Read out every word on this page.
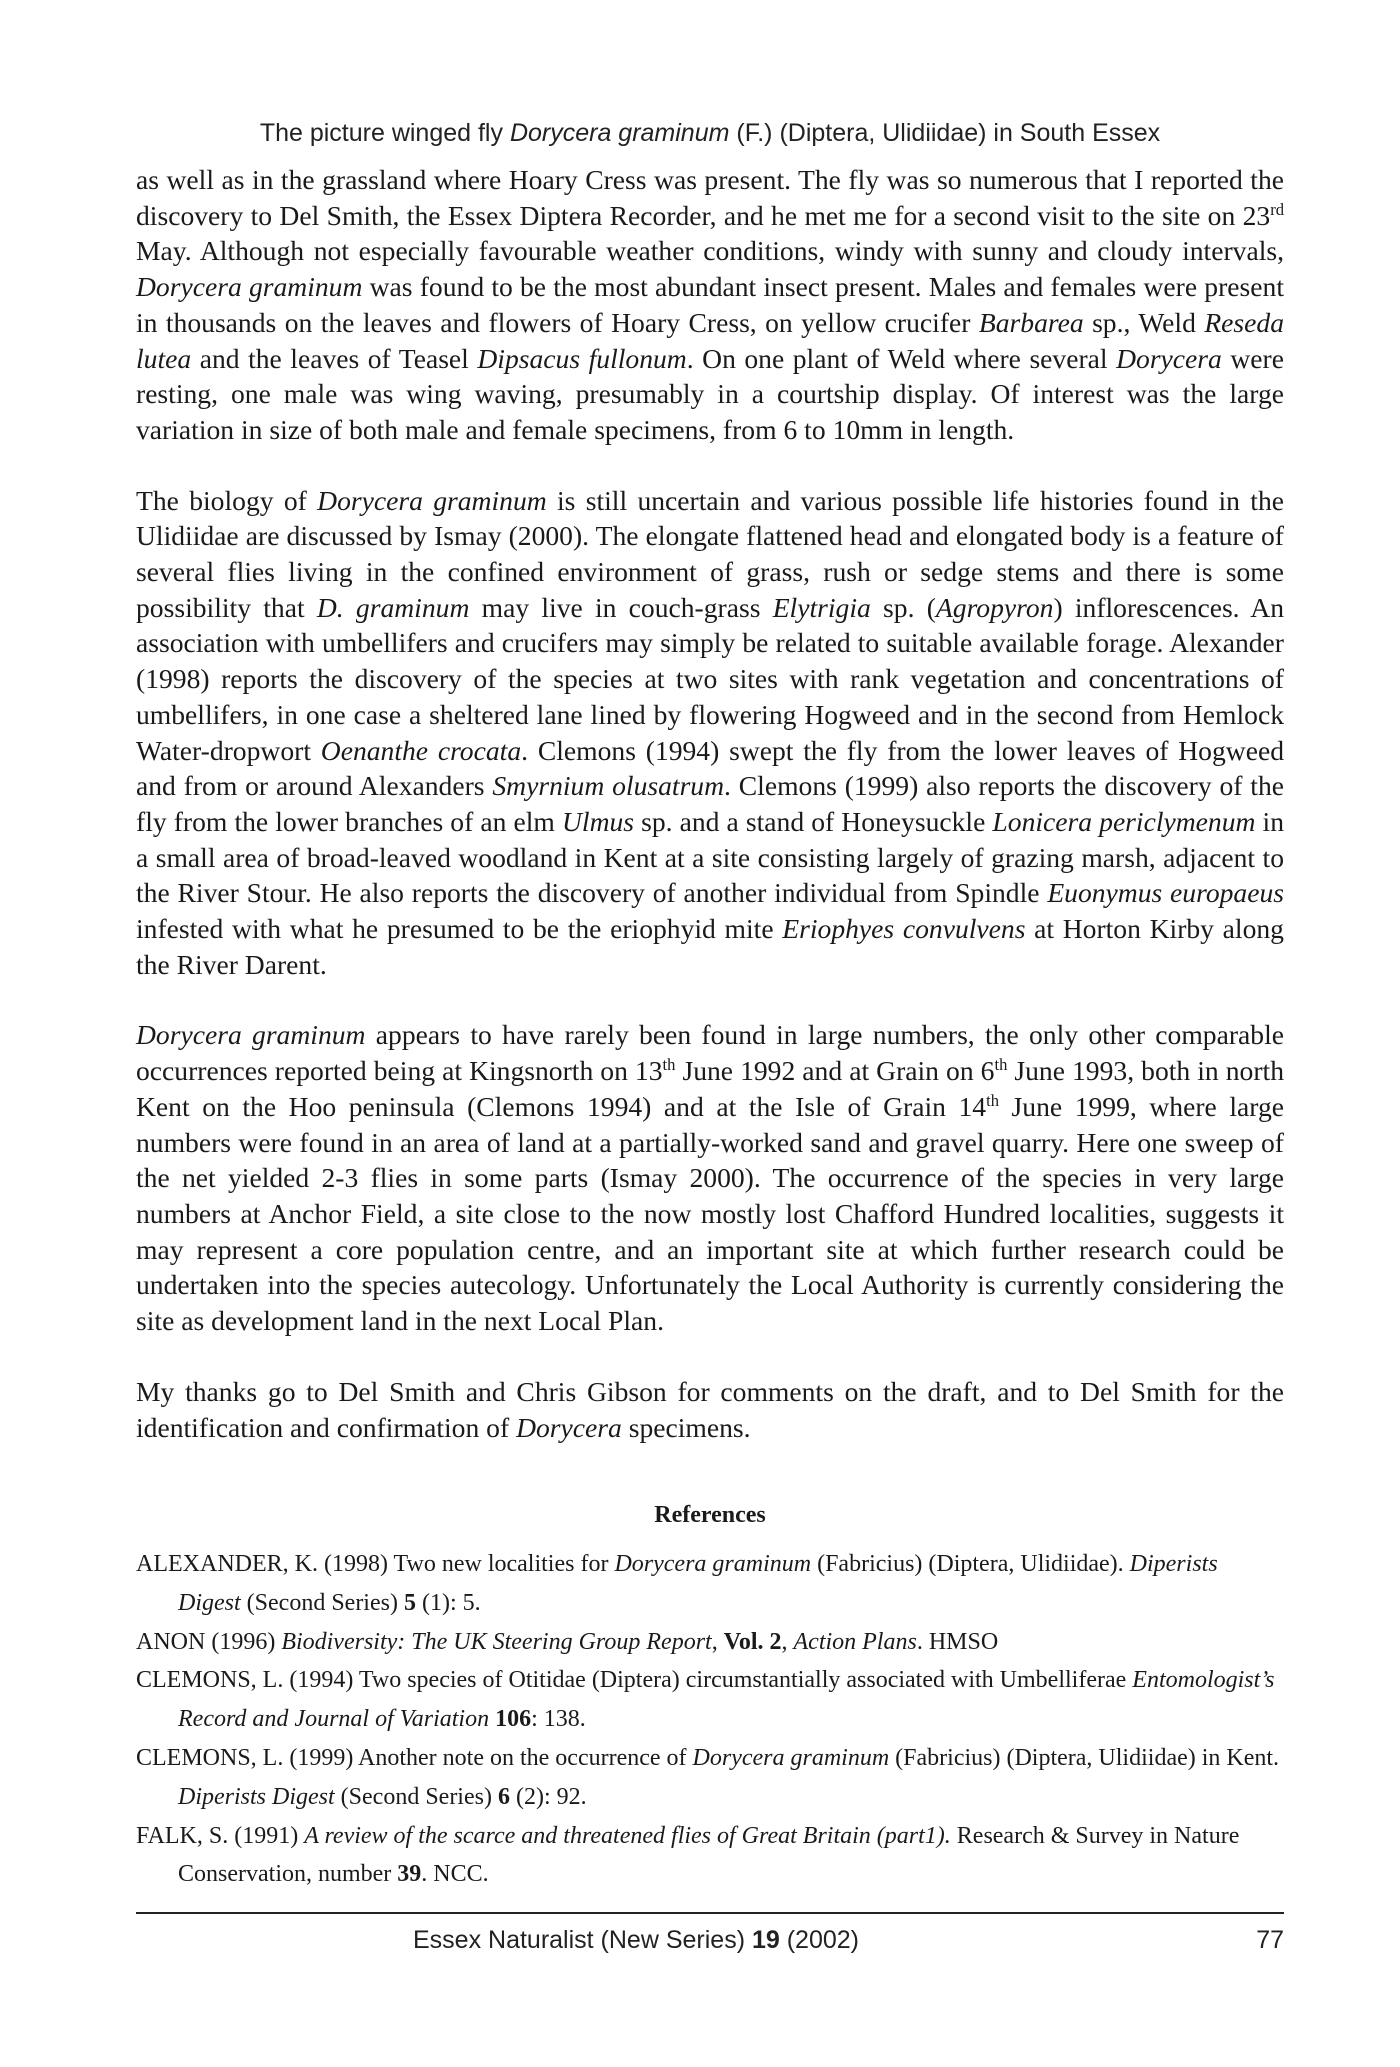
The picture winged fly Dorycera graminum (F.) (Diptera, Ulidiidae) in South Essex

as well as in the grassland where Hoary Cress was present. The fly was so numerous that I reported the discovery to Del Smith, the Essex Diptera Recorder, and he met me for a second visit to the site on 23rd May. Although not especially favourable weather conditions, windy with sunny and cloudy intervals, Dorycera graminum was found to be the most abundant insect present. Males and females were present in thousands on the leaves and flowers of Hoary Cress, on yellow crucifer Barbarea sp., Weld Reseda lutea and the leaves of Teasel Dipsacus fullonum. On one plant of Weld where several Dorycera were resting, one male was wing waving, presumably in a courtship display. Of interest was the large variation in size of both male and female specimens, from 6 to 10mm in length.

The biology of Dorycera graminum is still uncertain and various possible life histories found in the Ulidiidae are discussed by Ismay (2000). The elongate flattened head and elongated body is a feature of several flies living in the confined environment of grass, rush or sedge stems and there is some possibility that D. graminum may live in couch-grass Elytrigia sp. (Agropyron) inflorescences. An association with umbellifers and crucifers may simply be related to suitable available forage. Alexander (1998) reports the discovery of the species at two sites with rank vegetation and concentrations of umbellifers, in one case a sheltered lane lined by flowering Hogweed and in the second from Hemlock Water-dropwort Oenanthe crocata. Clemons (1994) swept the fly from the lower leaves of Hogweed and from or around Alexanders Smyrnium olusatrum. Clemons (1999) also reports the discovery of the fly from the lower branches of an elm Ulmus sp. and a stand of Honeysuckle Lonicera periclymenum in a small area of broad-leaved woodland in Kent at a site consisting largely of grazing marsh, adjacent to the River Stour. He also reports the discovery of another individual from Spindle Euonymus europaeus infested with what he presumed to be the eriophyid mite Eriophyes convulvens at Horton Kirby along the River Darent.

Dorycera graminum appears to have rarely been found in large numbers, the only other comparable occurrences reported being at Kingsnorth on 13th June 1992 and at Grain on 6th June 1993, both in north Kent on the Hoo peninsula (Clemons 1994) and at the Isle of Grain 14th June 1999, where large numbers were found in an area of land at a partially-worked sand and gravel quarry. Here one sweep of the net yielded 2-3 flies in some parts (Ismay 2000). The occurrence of the species in very large numbers at Anchor Field, a site close to the now mostly lost Chafford Hundred localities, suggests it may represent a core population centre, and an important site at which further research could be undertaken into the species autecology. Unfortunately the Local Authority is currently considering the site as development land in the next Local Plan.

My thanks go to Del Smith and Chris Gibson for comments on the draft, and to Del Smith for the identification and confirmation of Dorycera specimens.

References

ALEXANDER, K. (1998) Two new localities for Dorycera graminum (Fabricius) (Diptera, Ulidiidae). Diperists Digest (Second Series) 5 (1): 5.

ANON (1996) Biodiversity: The UK Steering Group Report, Vol. 2, Action Plans. HMSO

CLEMONS, L. (1994) Two species of Otitidae (Diptera) circumstantially associated with Umbelliferae Entomologist’s Record and Journal of Variation 106: 138.

CLEMONS, L. (1999) Another note on the occurrence of Dorycera graminum (Fabricius) (Diptera, Ulidiidae) in Kent. Diperists Digest (Second Series) 6 (2): 92.

FALK, S. (1991) A review of the scarce and threatened flies of Great Britain (part1). Research & Survey in Nature Conservation, number 39. NCC.

Essex Naturalist (New Series) 19 (2002)	77
